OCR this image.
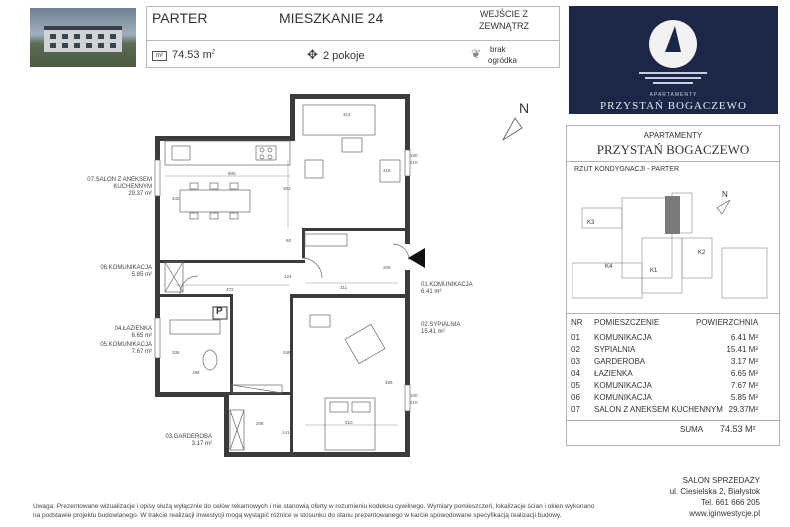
PARTER	MIESZKANIE 24	WEJŚCIE Z
ZEWNĄTRZ
m² 74.53 $m^2$	✥ 2 pokoje	❦ brak
ogródka
APARTAMENTY
PRZYSTAŃ BOGACZEWO
N
P
07.SALON Z ANEKSEM
KUCHENNYM
29.37 m²
06.KOMUNIKACJA
5.85 m²
04.ŁAZIENKA
6.65 m²
05.KOMUNIKACJA
7.67 m²
03.GARDEROBA
3.17 m²
01.KOMUNIKACJA
6.41 m²
02.SYPIALNIA
15.41 m²
800
342
262
313
418
150
210
60
124
472	311
206
336
198
349
489
100
210
208	310
141
APARTAMENTY
PRZYSTAŃ BOGACZEWO
RZUT KONDYGNACJI - PARTER
N
K3
K4
K1
K2
NR POMIESZCZENIE	POWIERZCHNIA
01 KOMUNIKACJA	6.41 M²
02 SYPIALNIA	15.41 M²
03 GARDEROBA	3.17 M²
04 ŁAZIENKA	6.65 M²
05 KOMUNIKACJA	7.67 M²
06 KOMUNIKACJA	5.85 M²
07 SALON Z ANEKSEM KUCHENNYM 29.37M²
SUMA 74.53 M²
SALON SPRZEDAŻY
ul. Ciesielska 2, Białystok
Tel. 661 666 205
www.iginwestycje.pl
Uwaga: Prezentowane wizualizacje i opisy służą wyłącznie do celów rekamowych i nie stanowią oferty w rozumieniu kodeksu cywilnego. Wymiary pomieszczeń, lokalizacje ścian i okien wykonano
na podstawie projektu budowlanego. W trakcie realizacji inwestycji mogą wystąpić różnice w stosunku do stanu prezentowanego w karcie spowodowane specyfikacją realizacji budowy.
